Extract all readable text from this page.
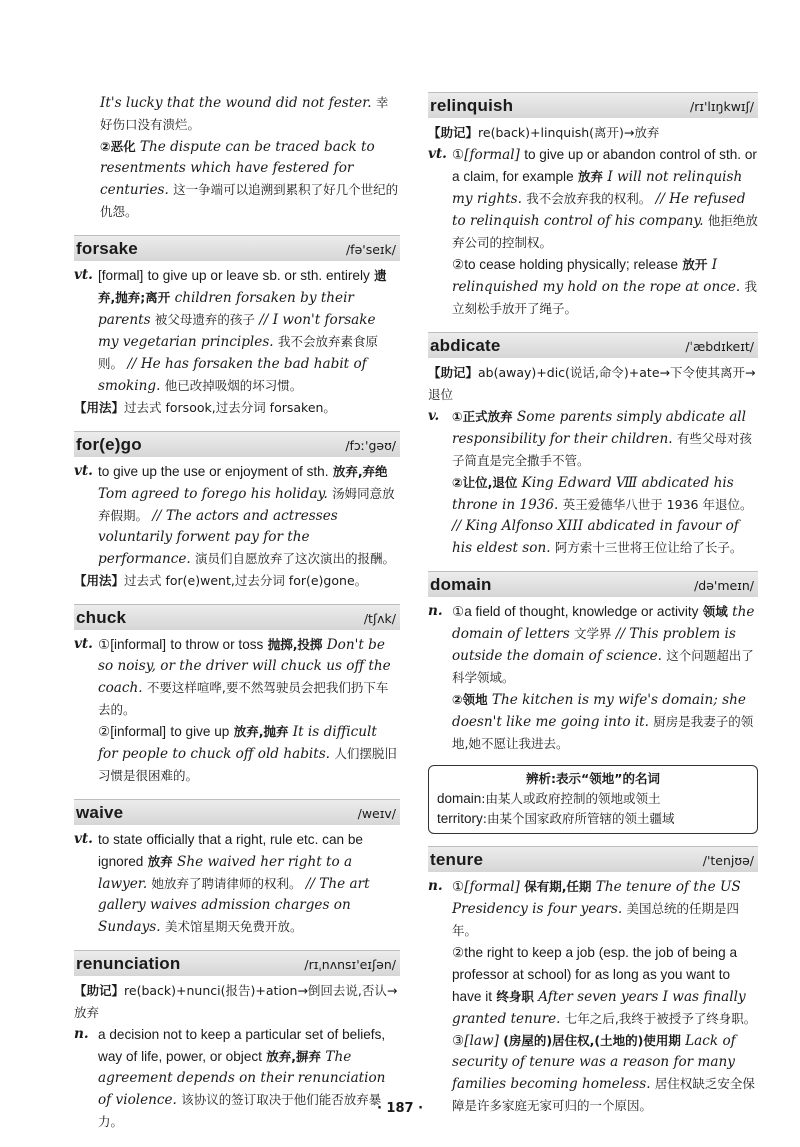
It's lucky that the wound did not fester. 幸 好伤口没有溃烂。
②恶化 The dispute can be traced back to resentments which have festered for centuries. 这一争端可以追溯到累积了好几个世纪的仇怨。
forsake	/fə'seɪk/
vt. [formal] to give up or leave sb. or sth. entirely 遗弃,抛弃;离开 children forsaken by their parents 被父母遗弃的孩子 // I won't forsake my vegetarian principles. 我不会放弃素食原则。 // He has forsaken the bad habit of smoking. 他已改掉吸烟的坏习惯。
【用法】过去式 forsook,过去分词 forsaken。
for(e)go	/fɔː'gəʊ/
vt. to give up the use or enjoyment of sth. 放弃,弃绝 Tom agreed to forego his holiday. 汤姆同意放弃假期。 // The actors and actresses voluntarily forwent pay for the performance. 演员们自愿放弃了这次演出的报酬。
【用法】过去式 for(e)went,过去分词 for(e)gone。
chuck	/tʃʌk/
vt. ①[informal] to throw or toss 抛掷,投掷 Don't be so noisy, or the driver will chuck us off the coach. 不要这样喧哗,要不然驾驶员会把我们扔下车去的。
②[informal] to give up 放弃,抛弃 It is difficult for people to chuck off old habits. 人们摆脱旧习惯是很困难的。
waive	/weɪv/
vt. to state officially that a right, rule etc. can be ignored 放弃 She waived her right to a lawyer. 她放弃了聘请律师的权利。 // The art gallery waives admission charges on Sundays. 美术馆星期天免费开放。
renunciation	/rɪˌnʌnsɪ'eɪʃən/
【助记】re(back)+nunci(报告)+ation→倒回去说,否认→放弃
n. a decision not to keep a particular set of beliefs, way of life, power, or object 放弃,摒弃 The agreement depends on their renunciation of violence. 该协议的签订取决于他们能否放弃暴力。
relinquish	/rɪ'lɪŋkwɪʃ/
【助记】re(back)+linquish(离开)→放弃
vt. ①[formal] to give up or abandon control of sth. or a claim, for example 放弃 I will not relinquish my rights. 我不会放弃我的权利。 // He refused to relinquish control of his company. 他拒绝放弃公司的控制权。
②to cease holding physically; release 放开 I relinquished my hold on the rope at once. 我立刻松手放开了绳子。
abdicate	/ˈæbdɪkeɪt/
【助记】ab(away)+dic(说话,命令)+ate→下令使其离开→退位
v.	①正式放弃 Some parents simply abdicate all responsibility for their children. 有些父母对孩子简直是完全撒手不管。
②让位,退位 King Edward Ⅷ abdicated his throne in 1936. 英王爱德华八世于 1936 年退位。 // King Alfonso XIII abdicated in favour of his eldest son. 阿方索十三世将王位让给了长子。
domain	/də'meɪn/
n. ①a field of thought, knowledge or activity 领域 the domain of letters 文学界 // This problem is outside the domain of science. 这个问题超出了科学领域。
②领地 The kitchen is my wife's domain; she doesn't like me going into it. 厨房是我妻子的领地,她不愿让我进去。
辨析:表示“领地”的名词
domain:由某人或政府控制的领地或领土
territory:由某个国家政府所管辖的领土疆域
tenure	/'tenjʊə/
n. ①[formal] 保有期,任期 The tenure of the US Presidency is four years. 美国总统的任期是四年。
②the right to keep a job (esp. the job of being a professor at school) for as long as you want to have it 终身职 After seven years I was finally granted tenure. 七年之后,我终于被授予了终身职。
③[law] (房屋的)居住权,(土地的)使用期 Lack of security of tenure was a reason for many families becoming homeless. 居住权缺乏安全保障是许多家庭无家可归的一个原因。
· 187 ·
